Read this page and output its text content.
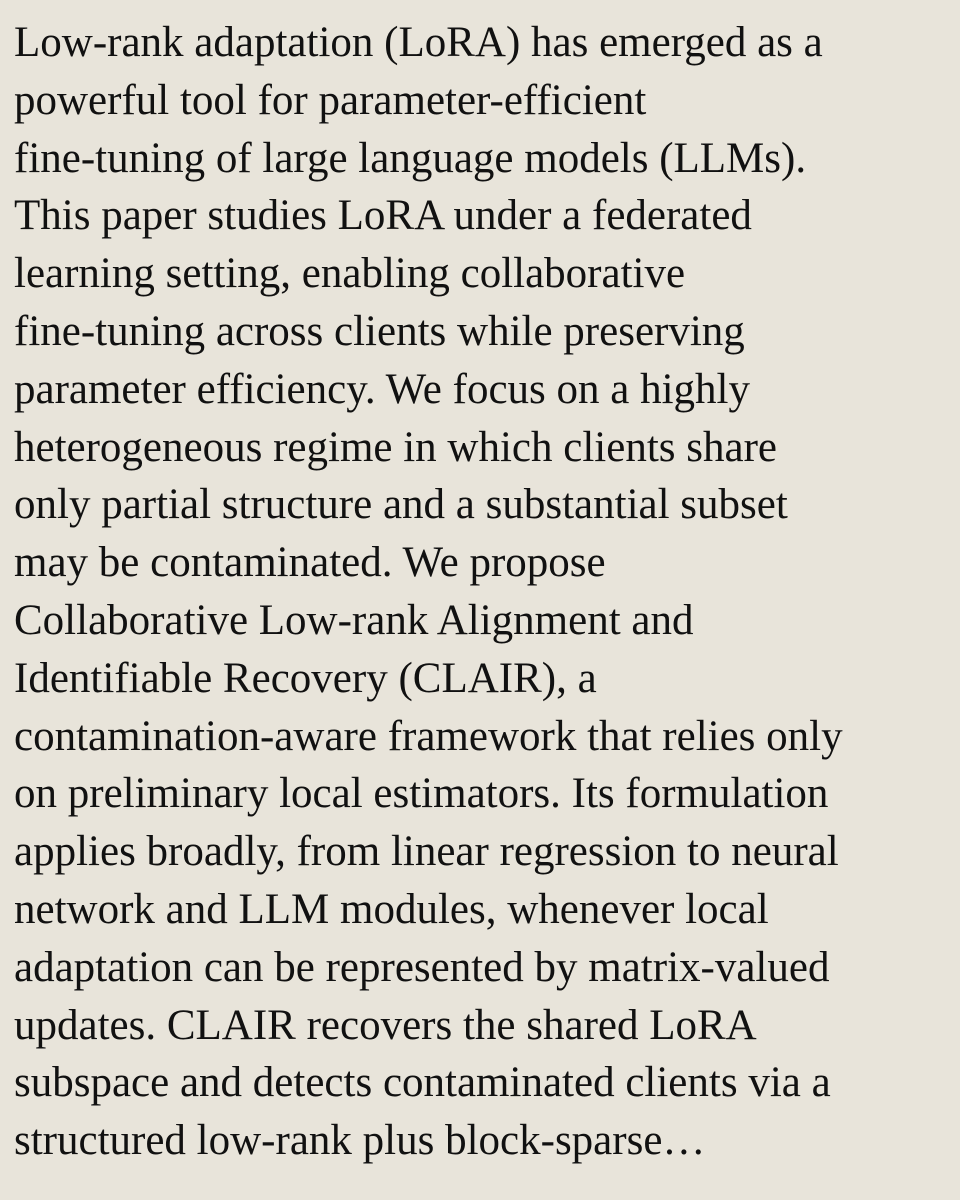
Low-rank adaptation (LoRA) has emerged as a
powerful tool for parameter-efficient
fine-tuning of large language models (LLMs).
This paper studies LoRA under a federated
learning setting, enabling collaborative
fine-tuning across clients while preserving
parameter efficiency. We focus on a highly
heterogeneous regime in which clients share
only partial structure and a substantial subset
may be contaminated. We propose
Collaborative Low-rank Alignment and
Identifiable Recovery (CLAIR), a
contamination-aware framework that relies only
on preliminary local estimators. Its formulation
applies broadly, from linear regression to neural
network and LLM modules, whenever local
adaptation can be represented by matrix-valued
updates. CLAIR recovers the shared LoRA
subspace and detects contaminated clients via a
structured low-rank plus block-sparse…
